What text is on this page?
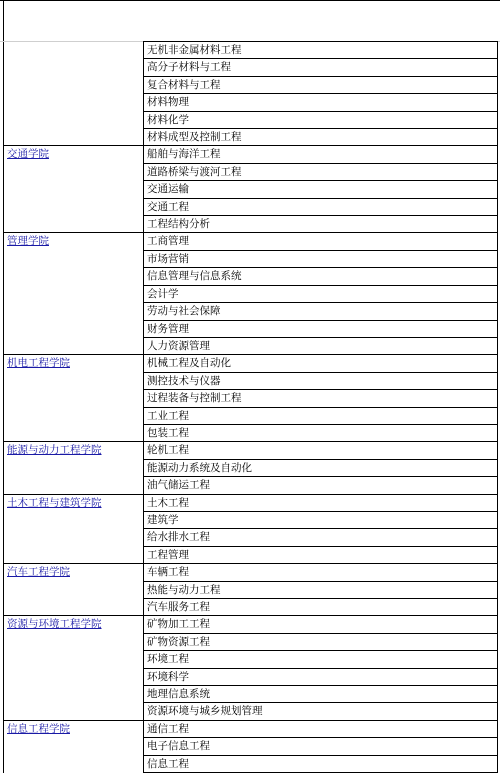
	无机非金属材料工程
	高分子材料与工程
	复合材料与工程
	材料物理
	材料化学
	材料成型及控制工程
交通学院	船舶与海洋工程
	道路桥梁与渡河工程
	交通运输
	交通工程
	工程结构分析
管理学院	工商管理
	市场营销
	信息管理与信息系统
	会计学
	劳动与社会保障
	财务管理
	人力资源管理
机电工程学院	机械工程及自动化
	测控技术与仪器
	过程装备与控制工程
	工业工程
	包装工程
能源与动力工程学院	轮机工程
	能源动力系统及自动化
	油气储运工程
土木工程与建筑学院	土木工程
	建筑学
	给水排水工程
	工程管理
汽车工程学院	车辆工程
	热能与动力工程
	汽车服务工程
资源与环境工程学院	矿物加工工程
	矿物资源工程
	环境工程
	环境科学
	地理信息系统
	资源环境与城乡规划管理
信息工程学院	通信工程
	电子信息工程
	信息工程
